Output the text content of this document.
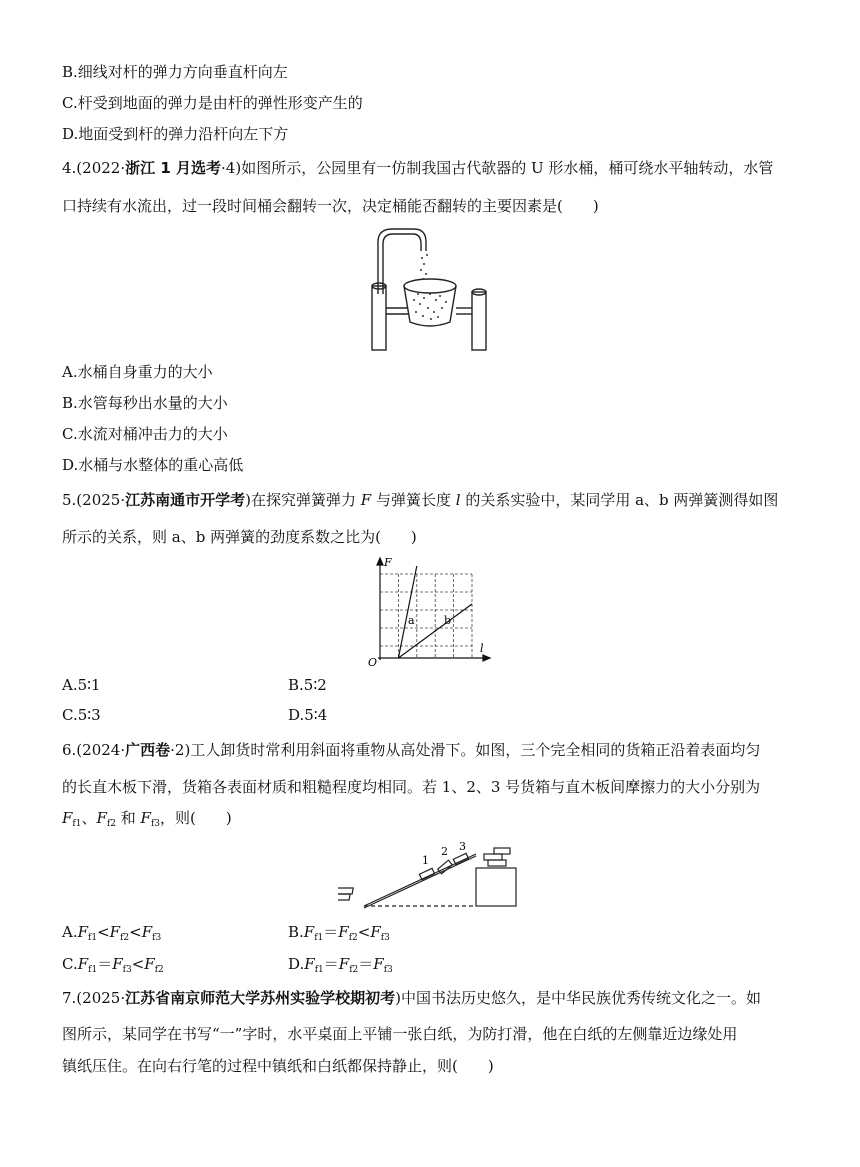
B.细线对杆的弹力方向垂直杆向左
C.杆受到地面的弹力是由杆的弹性形变产生的
D.地面受到杆的弹力沿杆向左下方
4.(2022·浙江 1 月选考·4)如图所示，公园里有一仿制我国古代欹器的 U 形水桶，桶可绕水平轴转动，水管
口持续有水流出，过一段时间桶会翻转一次，决定桶能否翻转的主要因素是(　　)
A.水桶自身重力的大小
B.水管每秒出水量的大小
C.水流对桶冲击力的大小
D.水桶与水整体的重心高低
5.(2025·江苏南通市开学考)在探究弹簧弹力 F 与弹簧长度 l 的关系实验中，某同学用 a、b 两弹簧测得如图
所示的关系，则 a、b 两弹簧的劲度系数之比为(　　)
F
l
O
a	b
A.5∶1	B.5∶2
C.5∶3	D.5∶4
6.(2024·广西卷·2)工人卸货时常利用斜面将重物从高处滑下。如图，三个完全相同的货箱正沿着表面均匀
的长直木板下滑，货箱各表面材质和粗糙程度均相同。若 1、2、3 号货箱与直木板间摩擦力的大小分别为
$F_{f1}$、$F_{f2}$ 和 $F_{f3}$，则(　　)
1
2 3
$A.F_{f1}<F_{f2}<F_{f3}$	$B.F_{f1}=F_{f2}<F_{f3}$
$C.F_{f1}=F_{f3}<F_{f2}$	$D.F_{f1}=F_{f2}=F_{f3}$
7.(2025·江苏省南京师范大学苏州实验学校期初考)中国书法历史悠久，是中华民族优秀传统文化之一。如
图所示，某同学在书写“一”字时，水平桌面上平铺一张白纸，为防打滑，他在白纸的左侧靠近边缘处用
镇纸压住。在向右行笔的过程中镇纸和白纸都保持静止，则(　　)
